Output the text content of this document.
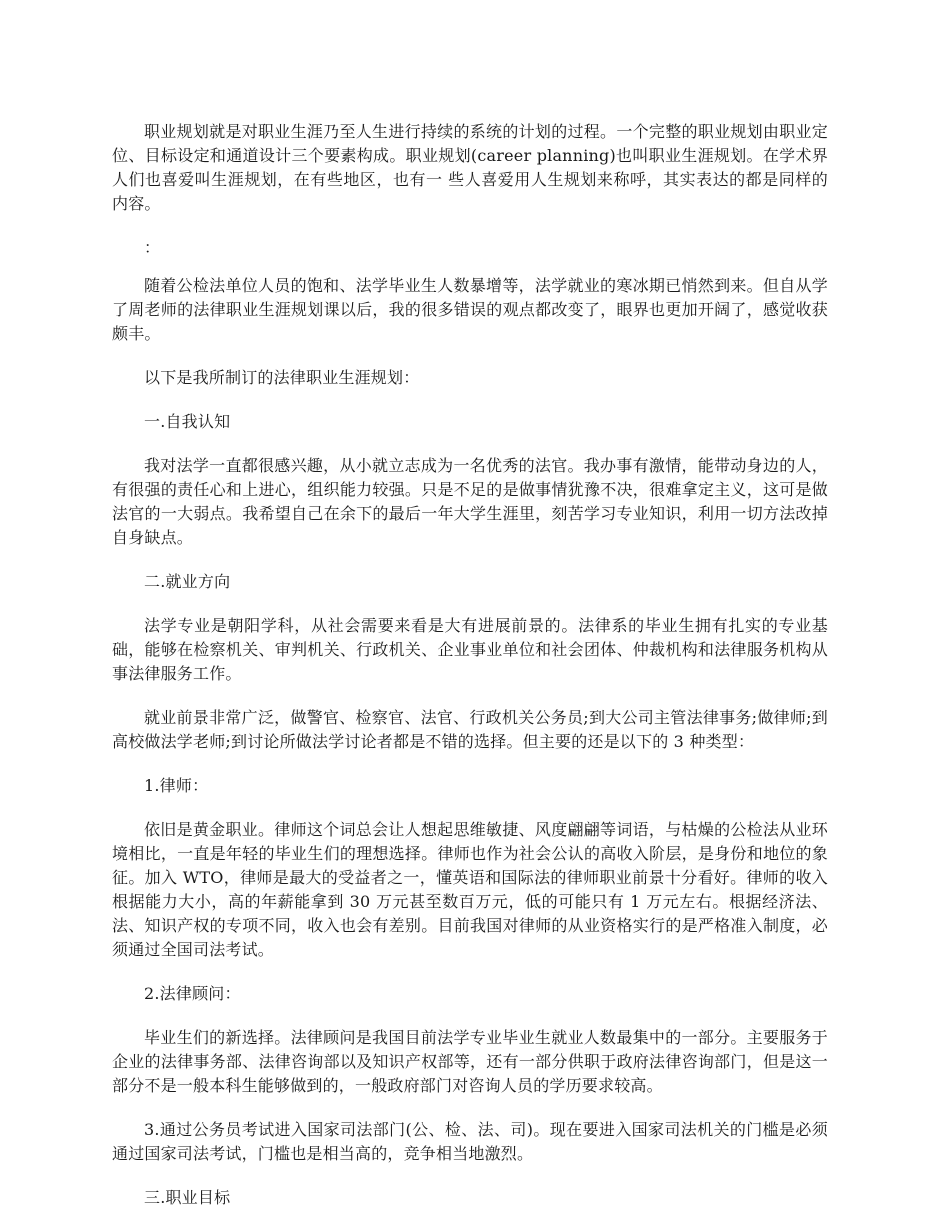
职业规划就是对职业生涯乃至人生进行持续的系统的计划的过程。一个完整的职业规划由职业定位、目标设定和通道设计三个要素构成。职业规划(career planning)也叫职业生涯规划。在学术界人们也喜爱叫生涯规划，在有些地区，也有一 些人喜爱用人生规划来称呼，其实表达的都是同样的内容。

：

随着公检法单位人员的饱和、法学毕业生人数暴增等，法学就业的寒冰期已悄然到来。但自从学了周老师的法律职业生涯规划课以后，我的很多错误的观点都改变了，眼界也更加开阔了，感觉收获颇丰。

以下是我所制订的法律职业生涯规划：

一.自我认知

我对法学一直都很感兴趣，从小就立志成为一名优秀的法官。我办事有激情，能带动身边的人，有很强的责任心和上进心，组织能力较强。只是不足的是做事情犹豫不决，很难拿定主义，这可是做法官的一大弱点。我希望自己在余下的最后一年大学生涯里，刻苦学习专业知识，利用一切方法改掉自身缺点。

二.就业方向

法学专业是朝阳学科，从社会需要来看是大有进展前景的。法律系的毕业生拥有扎实的专业基础，能够在检察机关、审判机关、行政机关、企业事业单位和社会团体、仲裁机构和法律服务机构从事法律服务工作。

就业前景非常广泛，做警官、检察官、法官、行政机关公务员;到大公司主管法律事务;做律师;到高校做法学老师;到讨论所做法学讨论者都是不错的选择。但主要的还是以下的 3 种类型：

1.律师：

依旧是黄金职业。律师这个词总会让人想起思维敏捷、风度翩翩等词语，与枯燥的公检法从业环境相比，一直是年轻的毕业生们的理想选择。律师也作为社会公认的高收入阶层，是身份和地位的象征。加入 WTO，律师是最大的受益者之一，懂英语和国际法的律师职业前景十分看好。律师的收入根据能力大小，高的年薪能拿到 30 万元甚至数百万元，低的可能只有 1 万元左右。根据经济法、法、知识产权的专项不同，收入也会有差别。目前我国对律师的从业资格实行的是严格准入制度，必须通过全国司法考试。

2.法律顾问：

毕业生们的新选择。法律顾问是我国目前法学专业毕业生就业人数最集中的一部分。主要服务于企业的法律事务部、法律咨询部以及知识产权部等，还有一部分供职于政府法律咨询部门，但是这一部分不是一般本科生能够做到的，一般政府部门对咨询人员的学历要求较高。

3.通过公务员考试进入国家司法部门(公、检、法、司)。现在要进入国家司法机关的门槛是必须通过国家司法考试，门槛也是相当高的，竞争相当地激烈。

三.职业目标
